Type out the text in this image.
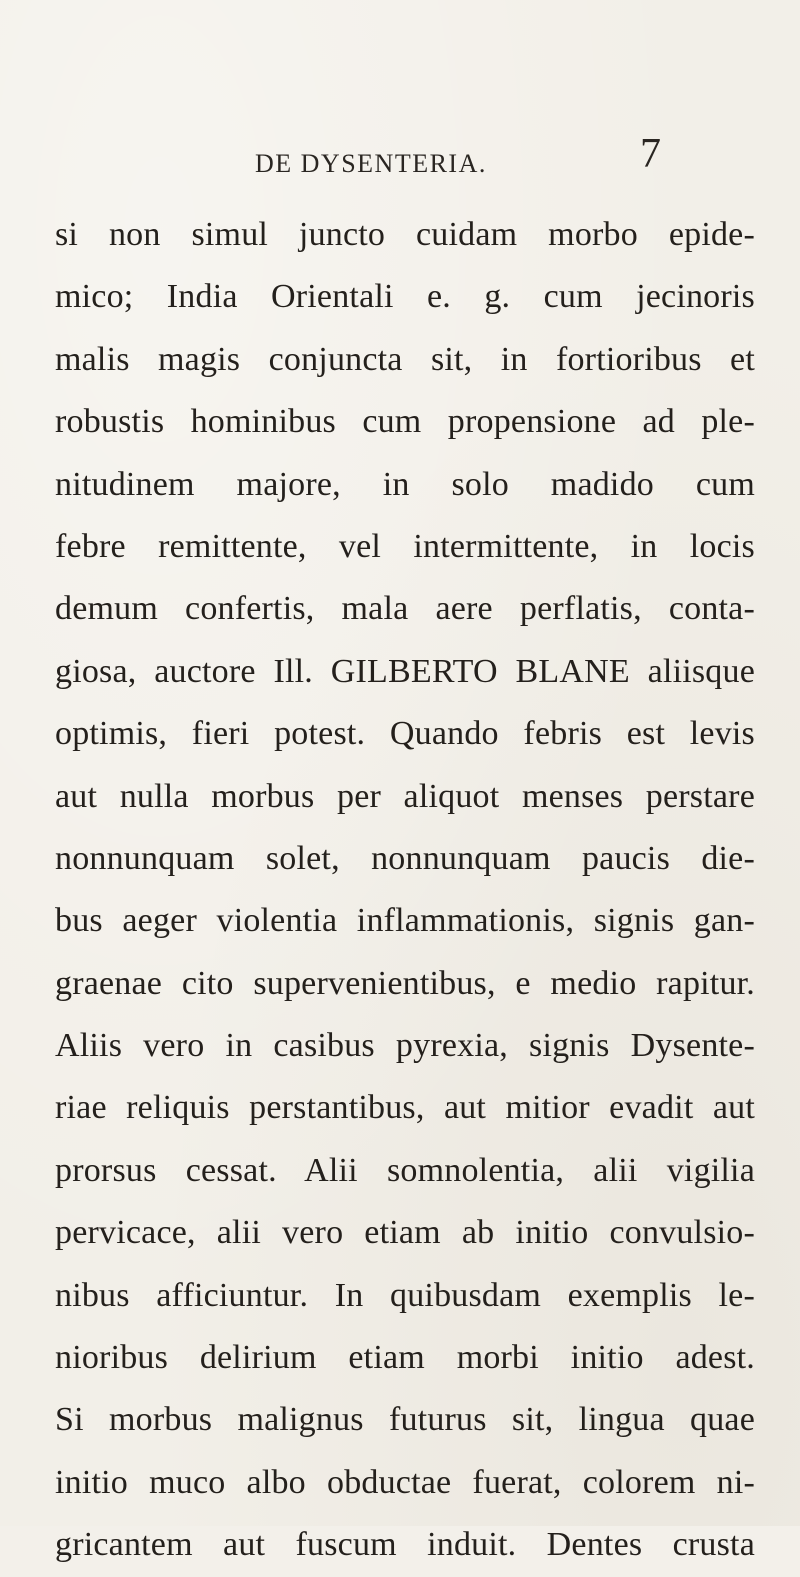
DE DYSENTERIA.	7
si non simul juncto cuidam morbo epide-
mico; India Orientali e. g. cum jecinoris
malis magis conjuncta sit, in fortioribus et
robustis hominibus cum propensione ad ple-
nitudinem majore, in solo madido cum
febre remittente, vel intermittente, in locis
demum confertis, mala aere perflatis, conta-
giosa, auctore Ill. GILBERTO BLANE aliisque
optimis, fieri potest. Quando febris est levis
aut nulla morbus per aliquot menses perstare
nonnunquam solet, nonnunquam paucis die-
bus aeger violentia inflammationis, signis gan-
graenae cito supervenientibus, e medio rapitur.
Aliis vero in casibus pyrexia, signis Dysente-
riae reliquis perstantibus, aut mitior evadit aut
prorsus cessat. Alii somnolentia, alii vigilia
pervicace, alii vero etiam ab initio convulsio-
nibus afficiuntur. In quibusdam exemplis le-
nioribus delirium etiam morbi initio adest.
Si morbus malignus futurus sit, lingua quae
initio muco albo obductae fuerat, colorem ni-
gricantem aut fuscum induit. Dentes crusta
